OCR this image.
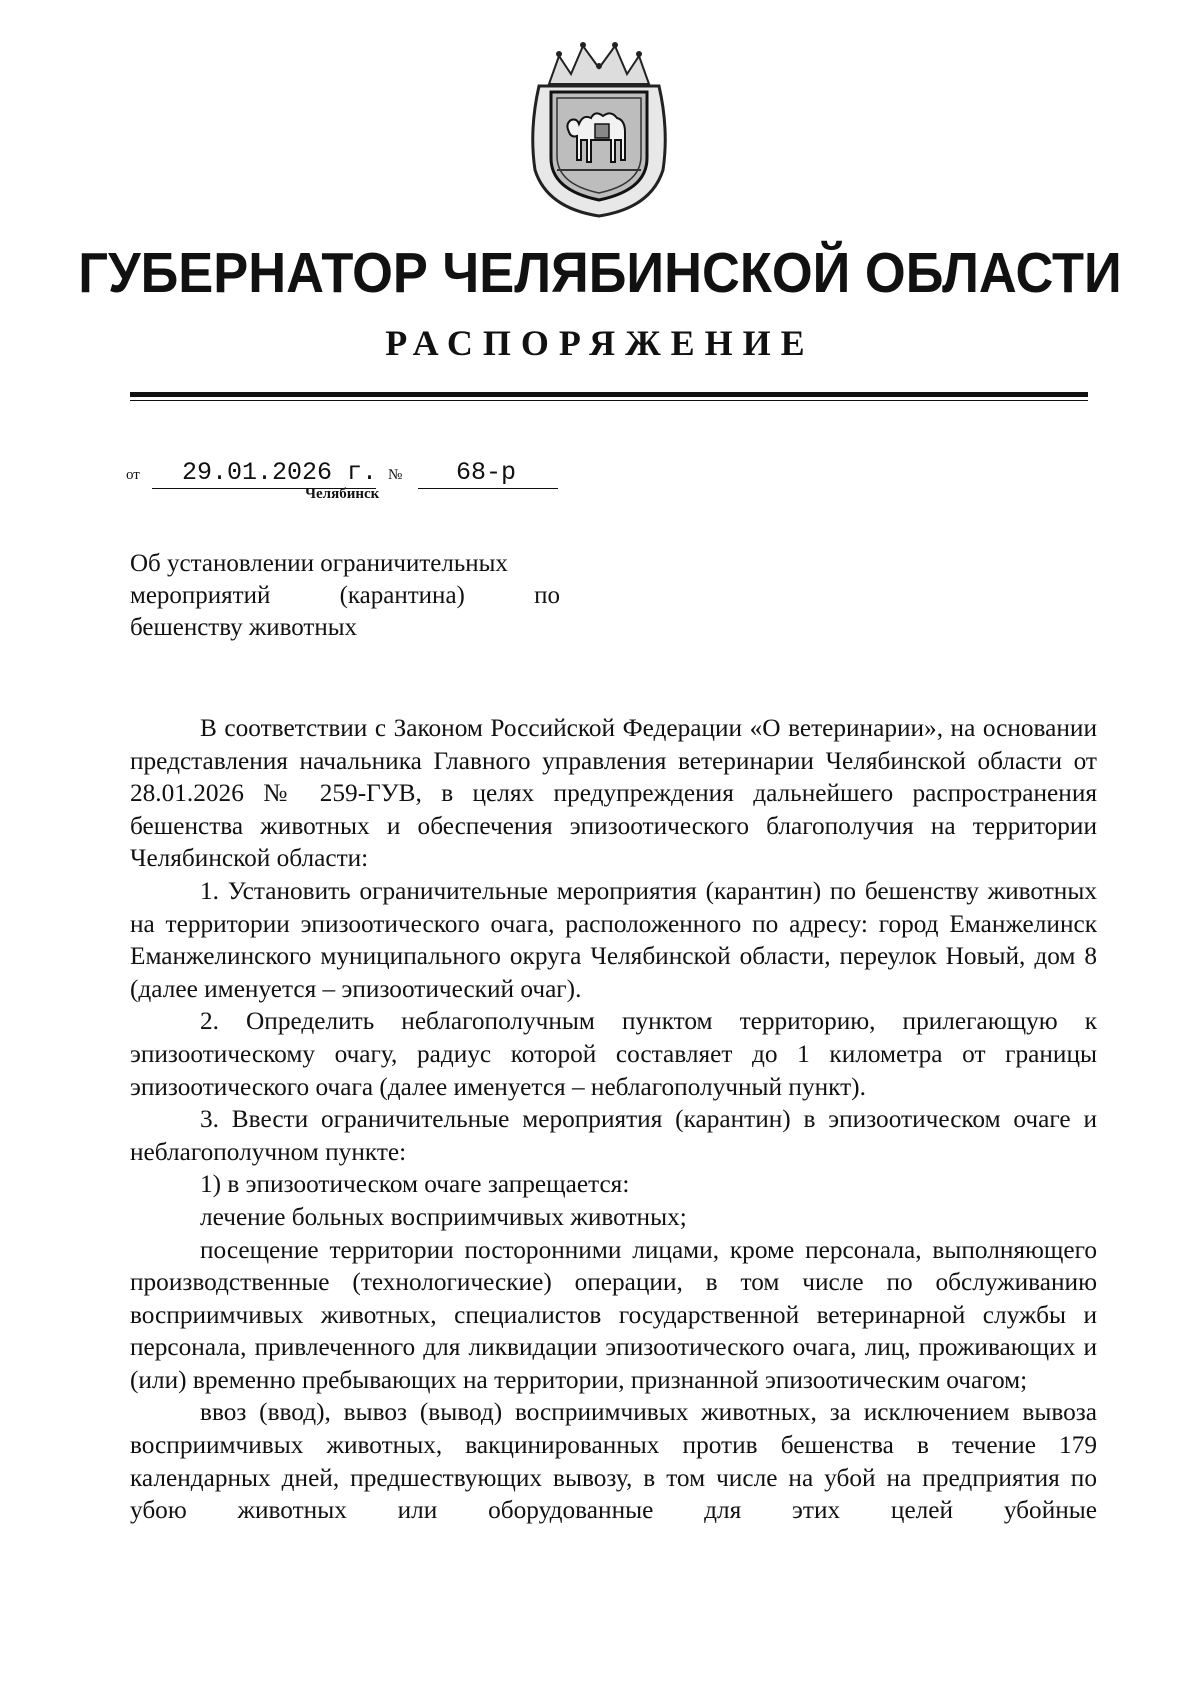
ГУБЕРНАТОР ЧЕЛЯБИНСКОЙ ОБЛАСТИ
РАСПОРЯЖЕНИЕ
от 29.01.2026 г. № 68-р
Челябинск
Об установлении ограничительных
мероприятий	(карантина)	по
бешенству животных

В соответствии с Законом Российской Федерации «О ветеринарии», на основании представления начальника Главного управления ветеринарии Челябинской области от 28.01.2026 № 259-ГУВ, в целях предупреждения дальнейшего распространения бешенства животных и обеспечения эпизоотического благополучия на территории Челябинской области:

1. Установить ограничительные мероприятия (карантин) по бешенству животных на территории эпизоотического очага, расположенного по адресу: город Еманжелинск Еманжелинского муниципального округа Челябинской области, переулок Новый, дом 8 (далее именуется – эпизоотический очаг).

2. Определить неблагополучным пунктом территорию, прилегающую к эпизоотическому очагу, радиус которой составляет до 1 километра от границы эпизоотического очага (далее именуется – неблагополучный пункт).

3. Ввести ограничительные мероприятия (карантин) в эпизоотическом очаге и неблагополучном пункте:

1) в эпизоотическом очаге запрещается:

лечение больных восприимчивых животных;

посещение территории посторонними лицами, кроме персонала, выполняющего производственные (технологические) операции, в том числе по обслуживанию восприимчивых животных, специалистов государственной ветеринарной службы и персонала, привлеченного для ликвидации эпизоотического очага, лиц, проживающих и (или) временно пребывающих на территории, признанной эпизоотическим очагом;

ввоз (ввод), вывоз (вывод) восприимчивых животных, за исключением вывоза восприимчивых животных, вакцинированных против бешенства в течение 179 календарных дней, предшествующих вывозу, в том числе на убой на предприятия по убою животных или оборудованные для этих целей убойные
